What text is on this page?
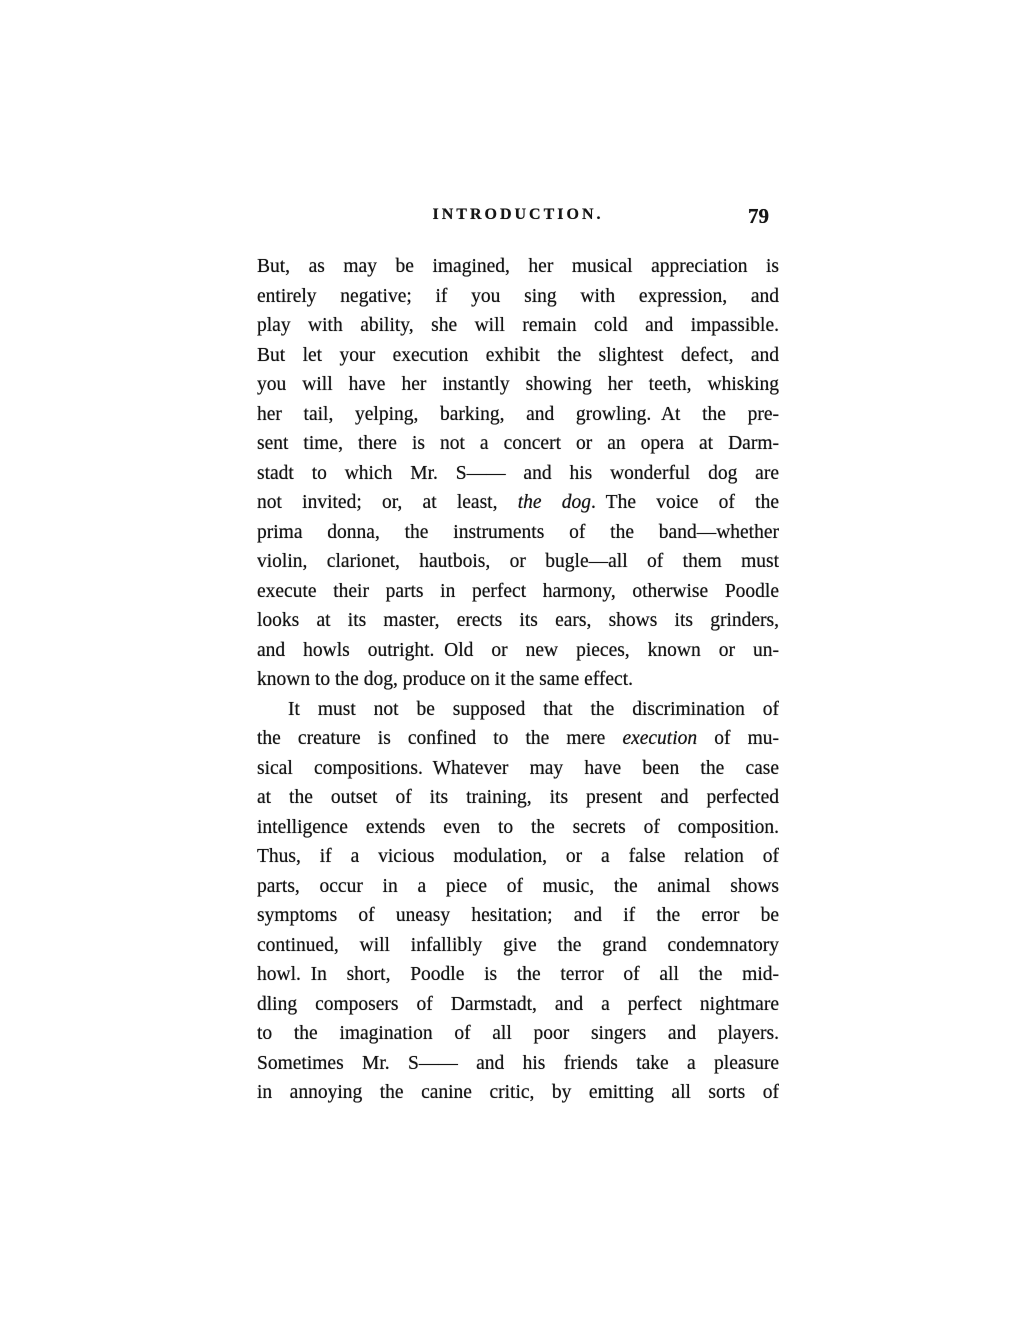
INTRODUCTION.	79
But, as may be imagined, her musical appreciation is
entirely negative; if you sing with expression, and
play with ability, she will remain cold and impassible.
But let your execution exhibit the slightest defect, and
you will have her instantly showing her teeth, whisking
her tail, yelping, barking, and growling. At the pre-
sent time, there is not a concert or an opera at Darm-
stadt to which Mr. S—— and his wonderful dog are
not invited; or, at least, the dog. The voice of the
prima donna, the instruments of the band—whether
violin, clarionet, hautbois, or bugle—all of them must
execute their parts in perfect harmony, otherwise Poodle
looks at its master, erects its ears, shows its grinders,
and howls outright. Old or new pieces, known or un-
known to the dog, produce on it the same effect.
It must not be supposed that the discrimination of
the creature is confined to the mere execution of mu-
sical compositions. Whatever may have been the case
at the outset of its training, its present and perfected
intelligence extends even to the secrets of composition.
Thus, if a vicious modulation, or a false relation of
parts, occur in a piece of music, the animal shows
symptoms of uneasy hesitation; and if the error be
continued, will infallibly give the grand condemnatory
howl. In short, Poodle is the terror of all the mid-
dling composers of Darmstadt, and a perfect nightmare
to the imagination of all poor singers and players.
Sometimes Mr. S—— and his friends take a pleasure
in annoying the canine critic, by emitting all sorts of
